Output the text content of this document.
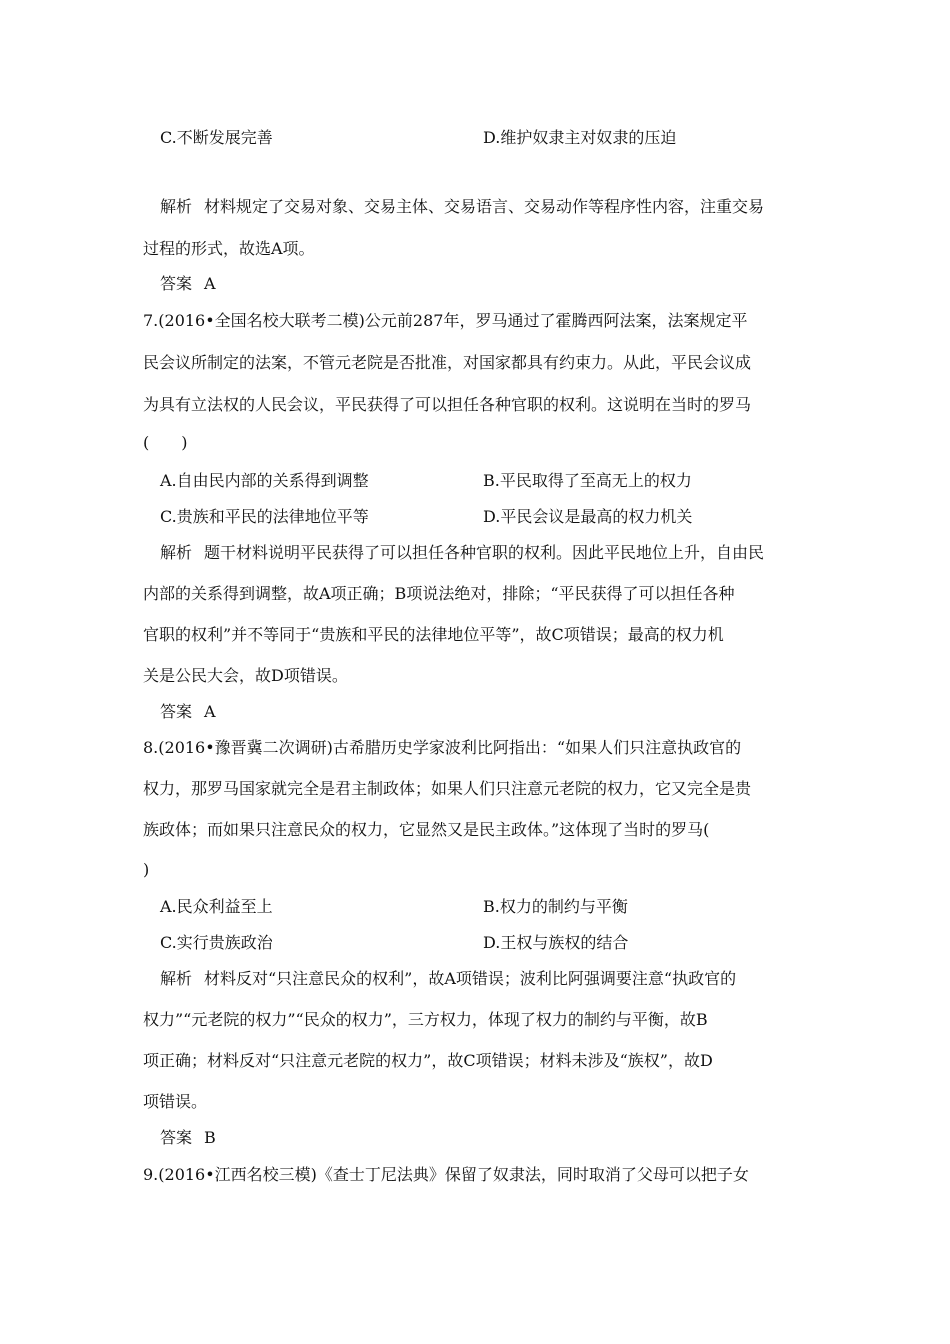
C.不断发展完善	D.维护奴隶主对奴隶的压迫
解析 材料规定了交易对象、交易主体、交易语言、交易动作等程序性内容，注重交易
过程的形式，故选A项。
答案 A
7.(2016•全国名校大联考二模)公元前287年，罗马通过了霍腾西阿法案，法案规定平
民会议所制定的法案，不管元老院是否批准，对国家都具有约束力。从此，平民会议成
为具有立法权的人民会议，平民获得了可以担任各种官职的权利。这说明在当时的罗马
(　　)
A.自由民内部的关系得到调整	B.平民取得了至高无上的权力
C.贵族和平民的法律地位平等	D.平民会议是最高的权力机关
解析 题干材料说明平民获得了可以担任各种官职的权利。因此平民地位上升，自由民
内部的关系得到调整，故A项正确；B项说法绝对，排除；“平民获得了可以担任各种
官职的权利”并不等同于“贵族和平民的法律地位平等”，故C项错误；最高的权力机
关是公民大会，故D项错误。
答案 A
8.(2016•豫晋冀二次调研)古希腊历史学家波利比阿指出：“如果人们只注意执政官的
权力，那罗马国家就完全是君主制政体；如果人们只注意元老院的权力，它又完全是贵
族政体；而如果只注意民众的权力，它显然又是民主政体。”这体现了当时的罗马(
)
A.民众利益至上	B.权力的制约与平衡
C.实行贵族政治	D.王权与族权的结合
解析 材料反对“只注意民众的权利”，故A项错误；波利比阿强调要注意“执政官的
权力”“元老院的权力”“民众的权力”，三方权力，体现了权力的制约与平衡，故B
项正确；材料反对“只注意元老院的权力”，故C项错误；材料未涉及“族权”，故D
项错误。
答案 B
9.(2016•江西名校三模)《查士丁尼法典》保留了奴隶法，同时取消了父母可以把子女
